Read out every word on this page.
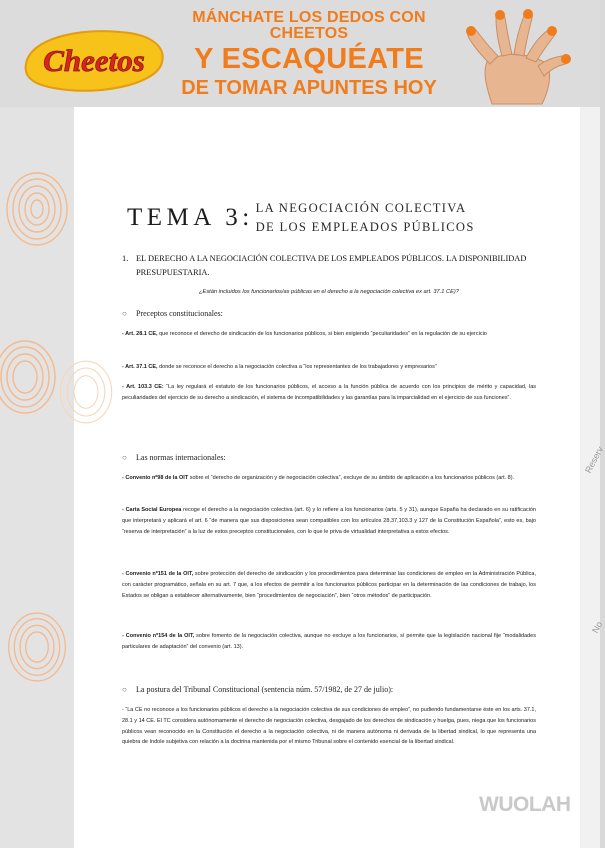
Cheetos
MÁNCHATE LOS DEDOS CON CHEETOS
Y ESCAQUÉATE
DE TOMAR APUNTES HOY
Reserv
No
TEMA 3: LA NEGOCIACIÓN COLECTIVA
DE LOS EMPLEADOS PÚBLICOS
1. EL DERECHO A LA NEGOCIACIÓN COLECTIVA DE LOS EMPLEADOS PÚBLICOS. LA DISPONIBILIDAD PRESUPUESTARIA.
¿Están incluidos los funcionarios/as públicas en el derecho a la negociación colectiva ex art. 37.1 CE)?
○ Preceptos constitucionales:
- Art. 28.1 CE, que reconoce el derecho de sindicación de los funcionarios públicos, si bien exigiendo “peculiaridades” en la regulación de su ejercicio
- Art. 37.1 CE, donde se reconoce el derecho a la negociación colectiva a “los representantes de los trabajadores y empresarios”
- Art. 103.3 CE: “La ley regulará el estatuto de los funcionarios públicos, el acceso a la función pública de acuerdo con los principios de mérito y capacidad, las peculiaridades del ejercicio de su derecho a sindicación, el sistema de incompatibilidades y las garantías para la imparcialidad en el ejercicio de sus funciones”.
○ Las normas internacionales:
- Convenio nº98 de la OIT sobre el “derecho de organización y de negociación colectiva”, excluye de su ámbito de aplicación a los funcionarios públicos (art. 8).
- Carta Social Europea recoge el derecho a la negociación colectiva (art. 6) y lo refiere a los funcionarios (arts. 5 y 31), aunque España ha declarado en su ratificación que interpretará y aplicará el art. 6 “de manera que sus disposiciones sean compatibles con los artículos 28,37,103.3 y 127 de la Constitución Española”, esto es, bajo “reserva de interpretación” a la luz de estos preceptos constitucionales, con lo que le priva de virtualidad interpretativa a estos efectos.
- Convenio nº151 de la OIT, sobre protección del derecho de sindicación y los procedimientos para determinar las condiciones de empleo en la Administración Pública, con carácter programático, señala en su art. 7 que, a los efectos de permitir a los funcionarios públicos participar en la determinación de las condiciones de trabajo, los Estados se obligan a establecer alternativamente, bien “procedimientos de negociación”, bien “otros métodos” de participación.
- Convenio nº154 de la OIT, sobre fomento de la negociación colectiva, aunque no excluye a los funcionarios, sí permite que la legislación nacional fije “modalidades particulares de adaptación” del convenio (art. 13).
○ La postura del Tribunal Constitucional (sentencia núm. 57/1982, de 27 de julio):
- “La CE no reconoce a los funcionarios públicos el derecho a la negociación colectiva de sus condiciones de empleo”, no pudiendo fundamentarse éste en los arts. 37.1, 28.1 y 14 CE. El TC considera autónomamente el derecho de negociación colectiva, desgajado de los derechos de sindicación y huelga, pues, niega que los funcionarios públicos vean reconocido en la Constitución el derecho a la negociación colectiva, ni de manera autónoma ni derivada de la libertad sindical, lo que representa una quiebra de índole subjetiva con relación a la doctrina mantenida por el mismo Tribunal sobre el contenido esencial de la libertad sindical.
WUOLAH
